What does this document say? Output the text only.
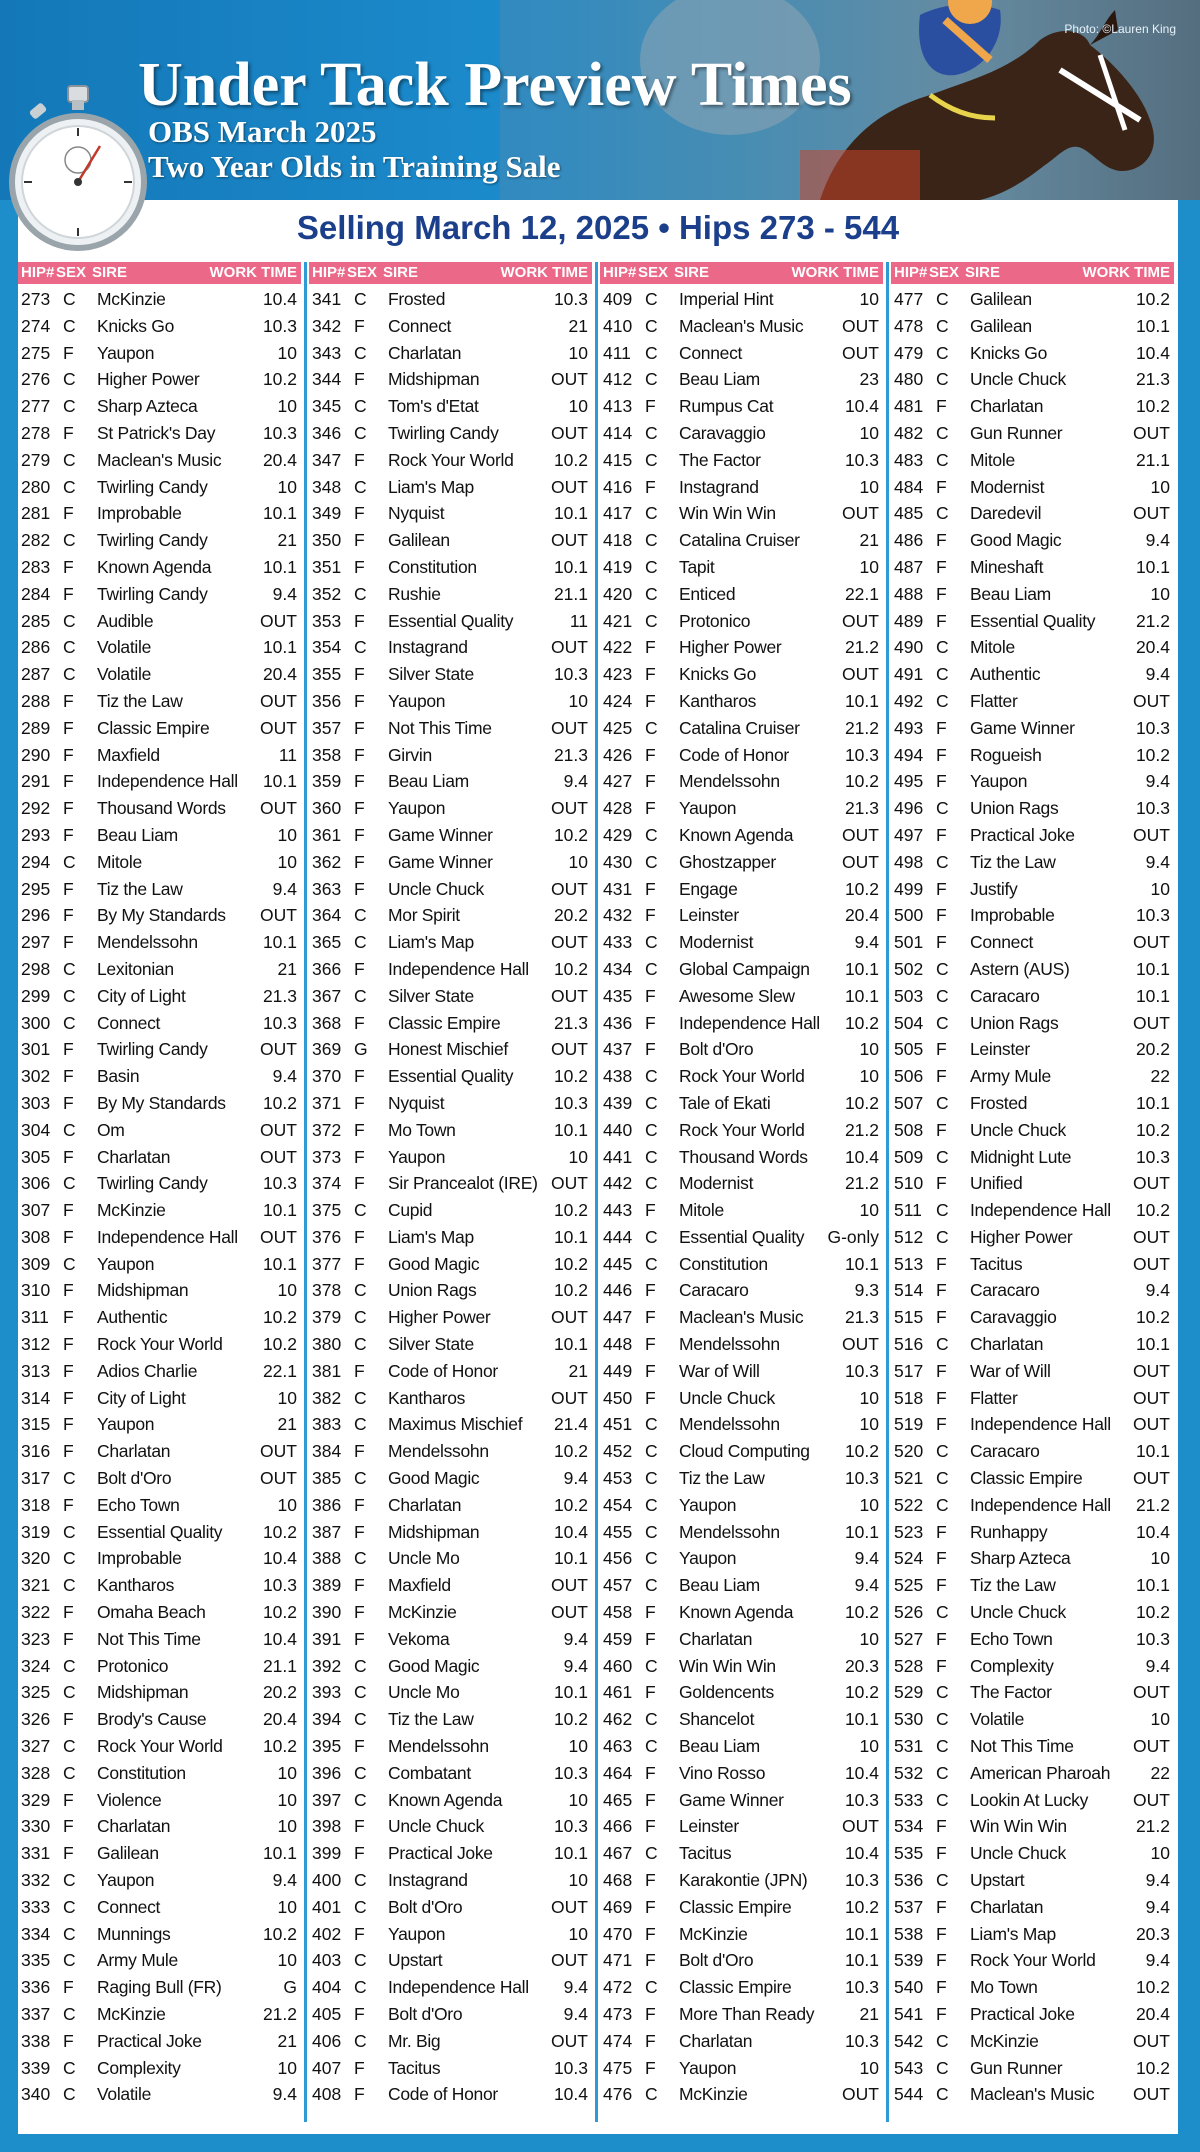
Photo: ©Lauren King
Under Tack Preview Times
OBS March 2025
Two Year Olds in Training Sale
Selling March 12, 2025 • Hips 273 - 544
HIP# SEX SIRE	WORK TIME
273 C McKinzie	10.4
274 C Knicks Go	10.3
275 F Yaupon	10
276 C Higher Power	10.2
277 C Sharp Azteca	10
278 F St Patrick's Day	10.3
279 C Maclean's Music 20.4
280 C Twirling Candy	10
281 F Improbable	10.1
282 C Twirling Candy	21
283 F Known Agenda	10.1
284 F Twirling Candy	9.4
285 C Audible	OUT
286 C Volatile	10.1
287 C Volatile	20.4
288 F Tiz the Law	OUT
289 F Classic Empire	OUT
290 F Maxfield	11
291 F Independence Hall 10.1
292 F Thousand Words OUT
293 F Beau Liam	10
294 C Mitole	10
295 F Tiz the Law	9.4
296 F By My Standards OUT
297 F Mendelssohn	10.1
298 C Lexitonian	21
299 C City of Light	21.3
300 C Connect	10.3
301 F Twirling Candy	OUT
302 F Basin	9.4
303 F By My Standards 10.2
304 C Om	OUT
305 F Charlatan	OUT
306 C Twirling Candy	10.3
307 F McKinzie	10.1
308 F Independence Hall OUT
309 C Yaupon	10.1
310 F Midshipman	10
311 F Authentic	10.2
312 F Rock Your World 10.2
313 F Adios Charlie	22.1
314 F City of Light	10
315 F Yaupon	21
316 F Charlatan	OUT
317 C Bolt d'Oro	OUT
318 F Echo Town	10
319 C Essential Quality 10.2
320 C Improbable	10.4
321 C Kantharos	10.3
322 F Omaha Beach	10.2
323 F Not This Time	10.4
324 C Protonico	21.1
325 C Midshipman	20.2
326 F Brody's Cause	20.4
327 C Rock Your World 10.2
328 C Constitution	10
329 F Violence	10
330 F Charlatan	10
331 F Galilean	10.1
332 C Yaupon	9.4
333 C Connect	10
334 C Munnings	10.2
335 C Army Mule	10
336 F Raging Bull (FR)	G
337 C McKinzie	21.2
338 F Practical Joke	21
339 C Complexity	10
340 C Volatile	9.4
HIP# SEX SIRE	WORK TIME
341 C Frosted	10.3
342 F Connect	21
343 C Charlatan	10
344 F Midshipman	OUT
345 C Tom's d'Etat	10
346 C Twirling Candy	OUT
347 F Rock Your World 10.2
348 C Liam's Map	OUT
349 F Nyquist	10.1
350 F Galilean	OUT
351 F Constitution	10.1
352 C Rushie	21.1
353 F Essential Quality	11
354 C Instagrand	OUT
355 F Silver State	10.3
356 F Yaupon	10
357 F Not This Time	OUT
358 F Girvin	21.3
359 F Beau Liam	9.4
360 F Yaupon	OUT
361 F Game Winner	10.2
362 F Game Winner	10
363 F Uncle Chuck	OUT
364 C Mor Spirit	20.2
365 C Liam's Map	OUT
366 F Independence Hall 10.2
367 C Silver State	OUT
368 F Classic Empire	21.3
369 G Honest Mischief OUT
370 F Essential Quality 10.2
371 F Nyquist	10.3
372 F Mo Town	10.1
373 F Yaupon	10
374 F Sir Prancealot (IRE) OUT
375 C Cupid	10.2
376 F Liam's Map	10.1
377 F Good Magic	10.2
378 C Union Rags	10.2
379 C Higher Power	OUT
380 C Silver State	10.1
381 F Code of Honor	21
382 C Kantharos	OUT
383 C Maximus Mischief 21.4
384 F Mendelssohn	10.2
385 C Good Magic	9.4
386 F Charlatan	10.2
387 F Midshipman	10.4
388 C Uncle Mo	10.1
389 F Maxfield	OUT
390 F McKinzie	OUT
391 F Vekoma	9.4
392 C Good Magic	9.4
393 C Uncle Mo	10.1
394 C Tiz the Law	10.2
395 F Mendelssohn	10
396 C Combatant	10.3
397 C Known Agenda	10
398 F Uncle Chuck	10.3
399 F Practical Joke	10.1
400 C Instagrand	10
401 C Bolt d'Oro	OUT
402 F Yaupon	10
403 C Upstart	OUT
404 C Independence Hall 9.4
405 F Bolt d'Oro	9.4
406 C Mr. Big	OUT
407 F Tacitus	10.3
408 F Code of Honor	10.4
HIP# SEX SIRE	WORK TIME
409 C Imperial Hint	10
410 C Maclean's Music OUT
411 C Connect	OUT
412 C Beau Liam	23
413 F Rumpus Cat	10.4
414 C Caravaggio	10
415 C The Factor	10.3
416 F Instagrand	10
417 C Win Win Win	OUT
418 C Catalina Cruiser	21
419 C Tapit	10
420 C Enticed	22.1
421 C Protonico	OUT
422 F Higher Power	21.2
423 F Knicks Go	OUT
424 F Kantharos	10.1
425 C Catalina Cruiser	21.2
426 F Code of Honor	10.3
427 F Mendelssohn	10.2
428 F Yaupon	21.3
429 C Known Agenda	OUT
430 C Ghostzapper	OUT
431 F Engage	10.2
432 F Leinster	20.4
433 C Modernist	9.4
434 C Global Campaign 10.1
435 F Awesome Slew	10.1
436 F Independence Hall 10.2
437 F Bolt d'Oro	10
438 C Rock Your World	10
439 C Tale of Ekati	10.2
440 C Rock Your World 21.2
441 C Thousand Words 10.4
442 C Modernist	21.2
443 F Mitole	10
444 C Essential Quality G-only
445 C Constitution	10.1
446 F Caracaro	9.3
447 F Maclean's Music 21.3
448 F Mendelssohn	OUT
449 F War of Will	10.3
450 F Uncle Chuck	10
451 C Mendelssohn	10
452 C Cloud Computing 10.2
453 C Tiz the Law	10.3
454 C Yaupon	10
455 C Mendelssohn	10.1
456 C Yaupon	9.4
457 C Beau Liam	9.4
458 F Known Agenda	10.2
459 F Charlatan	10
460 C Win Win Win	20.3
461 F Goldencents	10.2
462 C Shancelot	10.1
463 C Beau Liam	10
464 F Vino Rosso	10.4
465 F Game Winner	10.3
466 F Leinster	OUT
467 C Tacitus	10.4
468 F Karakontie (JPN) 10.3
469 F Classic Empire	10.2
470 F McKinzie	10.1
471 F Bolt d'Oro	10.1
472 C Classic Empire	10.3
473 F More Than Ready	21
474 F Charlatan	10.3
475 F Yaupon	10
476 C McKinzie	OUT
HIP# SEX SIRE	WORK TIME
477 C Galilean	10.2
478 C Galilean	10.1
479 C Knicks Go	10.4
480 C Uncle Chuck	21.3
481 F Charlatan	10.2
482 C Gun Runner	OUT
483 C Mitole	21.1
484 F Modernist	10
485 C Daredevil	OUT
486 F Good Magic	9.4
487 F Mineshaft	10.1
488 F Beau Liam	10
489 F Essential Quality 21.2
490 C Mitole	20.4
491 C Authentic	9.4
492 C Flatter	OUT
493 F Game Winner	10.3
494 F Rogueish	10.2
495 F Yaupon	9.4
496 C Union Rags	10.3
497 F Practical Joke	OUT
498 C Tiz the Law	9.4
499 F Justify	10
500 F Improbable	10.3
501 F Connect	OUT
502 C Astern (AUS)	10.1
503 C Caracaro	10.1
504 C Union Rags	OUT
505 F Leinster	20.2
506 F Army Mule	22
507 C Frosted	10.1
508 F Uncle Chuck	10.2
509 C Midnight Lute	10.3
510 F Unified	OUT
511 C Independence Hall 10.2
512 C Higher Power	OUT
513 F Tacitus	OUT
514 F Caracaro	9.4
515 F Caravaggio	10.2
516 C Charlatan	10.1
517 F War of Will	OUT
518 F Flatter	OUT
519 F Independence Hall OUT
520 C Caracaro	10.1
521 C Classic Empire	OUT
522 C Independence Hall 21.2
523 F Runhappy	10.4
524 F Sharp Azteca	10
525 F Tiz the Law	10.1
526 C Uncle Chuck	10.2
527 F Echo Town	10.3
528 F Complexity	9.4
529 C The Factor	OUT
530 C Volatile	10
531 C Not This Time	OUT
532 C American Pharoah 22
533 C Lookin At Lucky	OUT
534 F Win Win Win	21.2
535 F Uncle Chuck	10
536 C Upstart	9.4
537 F Charlatan	9.4
538 F Liam's Map	20.3
539 F Rock Your World	9.4
540 F Mo Town	10.2
541 F Practical Joke	20.4
542 C McKinzie	OUT
543 C Gun Runner	10.2
544 C Maclean's Music OUT
